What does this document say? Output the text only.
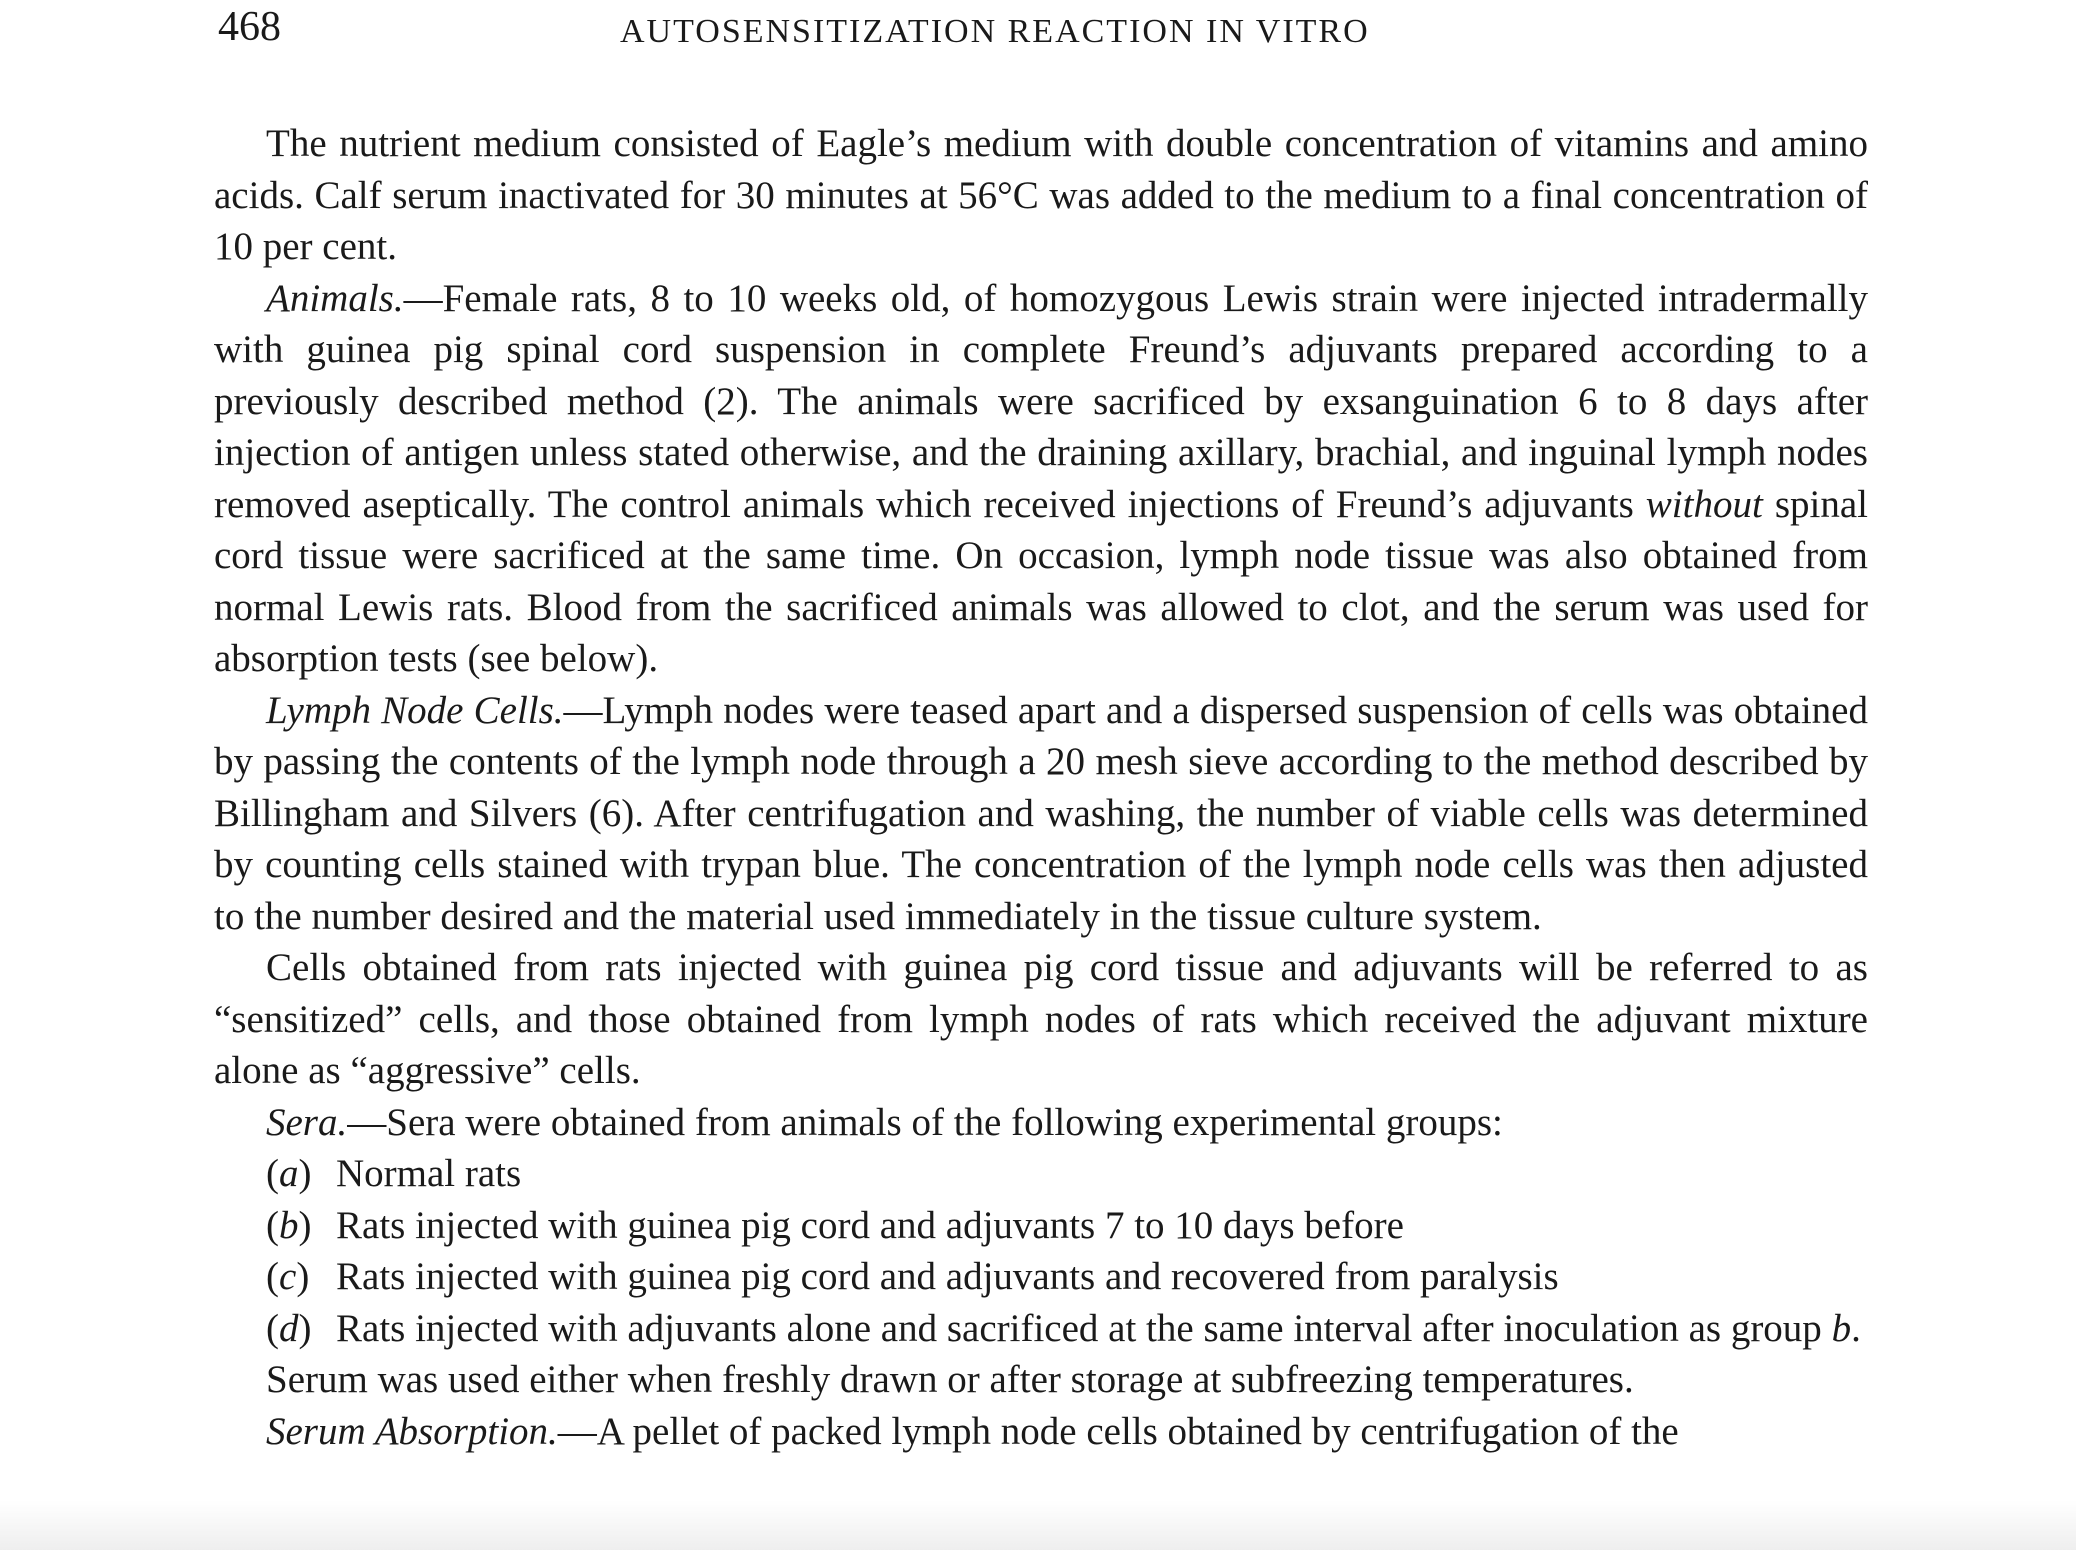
468	AUTOSENSITIZATION REACTION IN VITRO

The nutrient medium consisted of Eagle’s medium with double concentration of vitamins and amino acids. Calf serum inactivated for 30 minutes at 56°C was added to the medium to a final concentration of 10 per cent.

Animals.—Female rats, 8 to 10 weeks old, of homozygous Lewis strain were injected intradermally with guinea pig spinal cord suspension in complete Freund’s adjuvants prepared according to a previously described method (2). The animals were sacrificed by exsanguination 6 to 8 days after injection of antigen unless stated otherwise, and the draining axillary, brachial, and inguinal lymph nodes removed aseptically. The control animals which received injections of Freund’s adjuvants without spinal cord tissue were sacrificed at the same time. On occasion, lymph node tissue was also obtained from normal Lewis rats. Blood from the sacrificed animals was allowed to clot, and the serum was used for absorption tests (see below).

Lymph Node Cells.—Lymph nodes were teased apart and a dispersed suspension of cells was obtained by passing the contents of the lymph node through a 20 mesh sieve according to the method described by Billingham and Silvers (6). After centrifugation and washing, the number of viable cells was determined by counting cells stained with trypan blue. The concentration of the lymph node cells was then adjusted to the number desired and the material used immediately in the tissue culture system.

Cells obtained from rats injected with guinea pig cord tissue and adjuvants will be referred to as “sensitized” cells, and those obtained from lymph nodes of rats which received the adjuvant mixture alone as “aggressive” cells.

Sera.—Sera were obtained from animals of the following experimental groups:

(a) Normal rats
(b) Rats injected with guinea pig cord and adjuvants 7 to 10 days before
(c) Rats injected with guinea pig cord and adjuvants and recovered from paralysis
(d) Rats injected with adjuvants alone and sacrificed at the same interval after inoculation as group b.

Serum was used either when freshly drawn or after storage at subfreezing temperatures.

Serum Absorption.—A pellet of packed lymph node cells obtained by centrifugation of the
